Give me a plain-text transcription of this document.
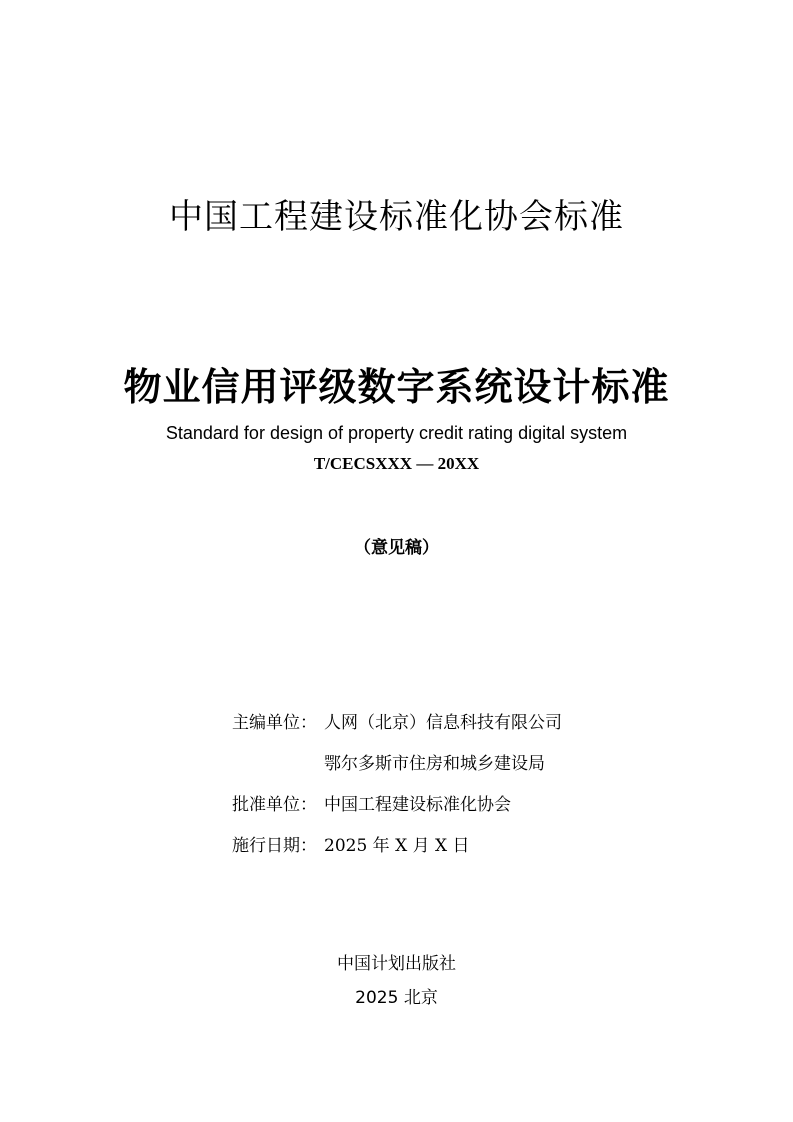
中国工程建设标准化协会标准
物业信用评级数字系统设计标准
Standard for design of property credit rating digital system
T/CECSXXX — 20XX
（意见稿）
主编单位： 人网（北京）信息科技有限公司
鄂尔多斯市住房和城乡建设局
批准单位： 中国工程建设标准化协会
施行日期： 2025 年 X 月 X 日
中国计划出版社
2025 北京
